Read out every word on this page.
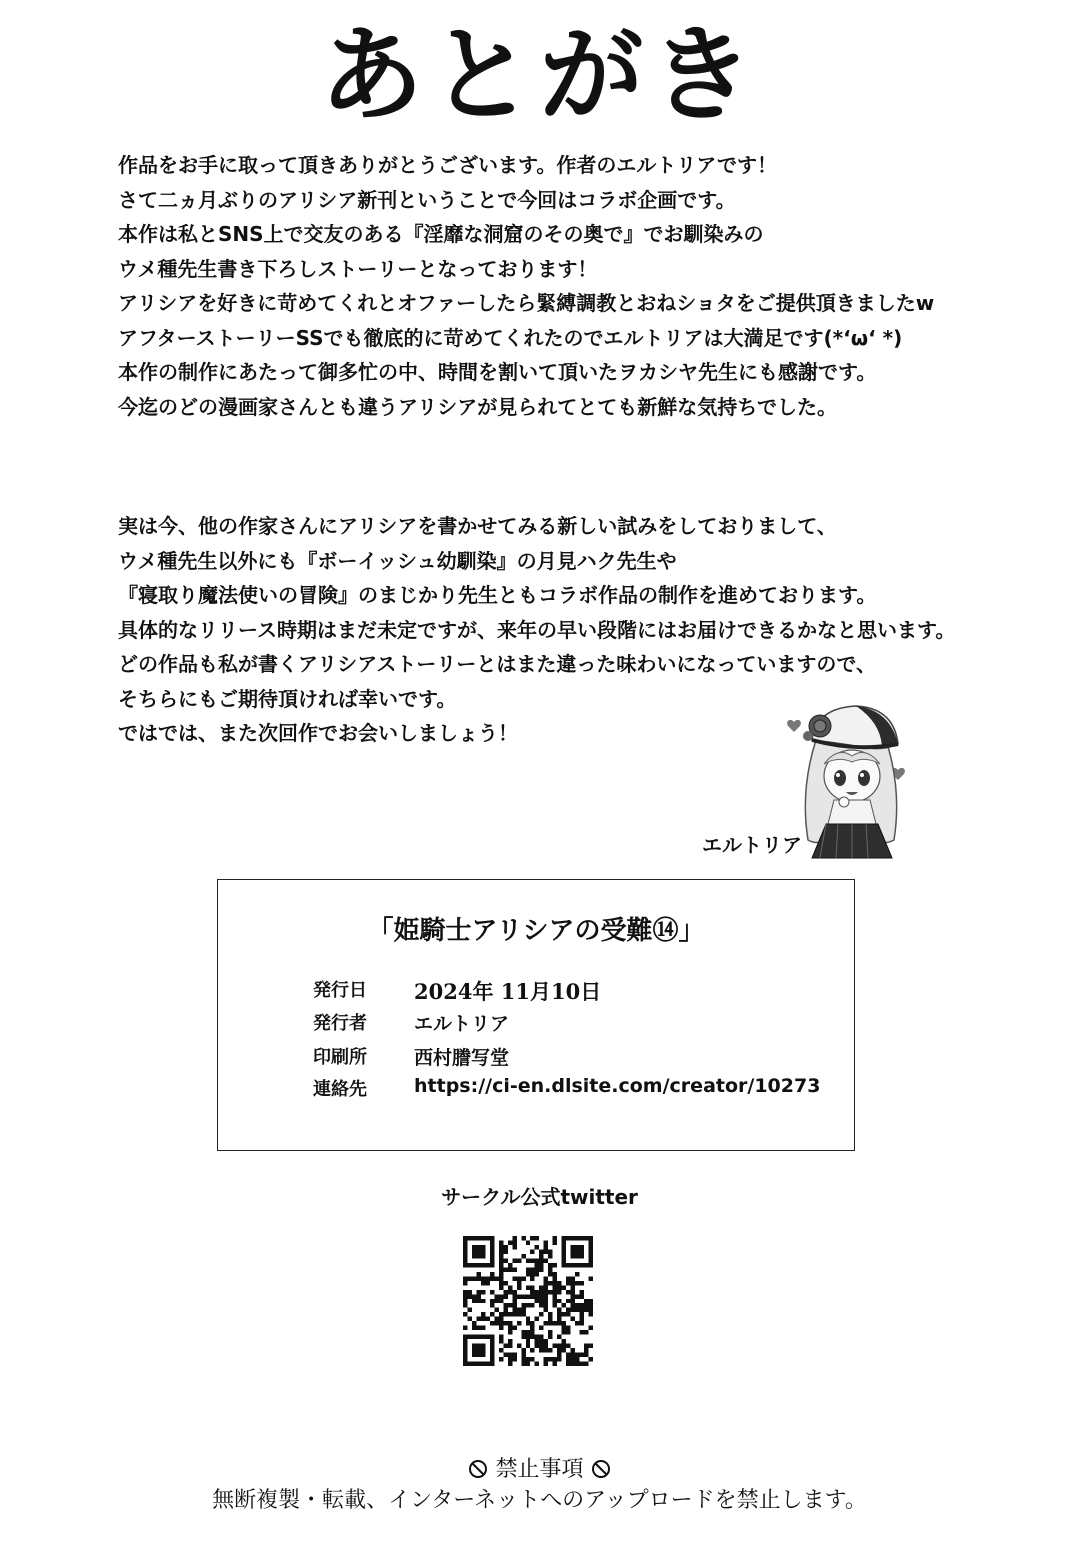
あとがき
作品をお手に取って頂きありがとうございます。作者のエルトリアです！
さて二ヵ月ぶりのアリシア新刊ということで今回はコラボ企画です。
本作は私とSNS上で交友のある『淫靡な洞窟のその奥で』でお馴染みの
ウメ種先生書き下ろしストーリーとなっております！
アリシアを好きに苛めてくれとオファーしたら緊縛調教とおねショタをご提供頂きましたw
アフターストーリーSSでも徹底的に苛めてくれたのでエルトリアは大満足です(*‘ω‘ *)
本作の制作にあたって御多忙の中、時間を割いて頂いたヲカシヤ先生にも感謝です。
今迄のどの漫画家さんとも違うアリシアが見られてとても新鮮な気持ちでした。
実は今、他の作家さんにアリシアを書かせてみる新しい試みをしておりまして、
ウメ種先生以外にも『ボーイッシュ幼馴染』の月見ハク先生や
『寝取り魔法使いの冒険』のまじかり先生ともコラボ作品の制作を進めております。
具体的なリリース時期はまだ未定ですが、来年の早い段階にはお届けできるかなと思います。
どの作品も私が書くアリシアストーリーとはまた違った味わいになっていますので、
そちらにもご期待頂ければ幸いです。
ではでは、また次回作でお会いしましょう！
エルトリア
「姫騎士アリシアの受難⑭」
発行日	2024年 11月10日
発行者	エルトリア
印刷所	西村謄写堂
連絡先	https://ci-en.dlsite.com/creator/10273
サークル公式twitter
禁止事項
無断複製・転載、インターネットへのアップロードを禁止します。
